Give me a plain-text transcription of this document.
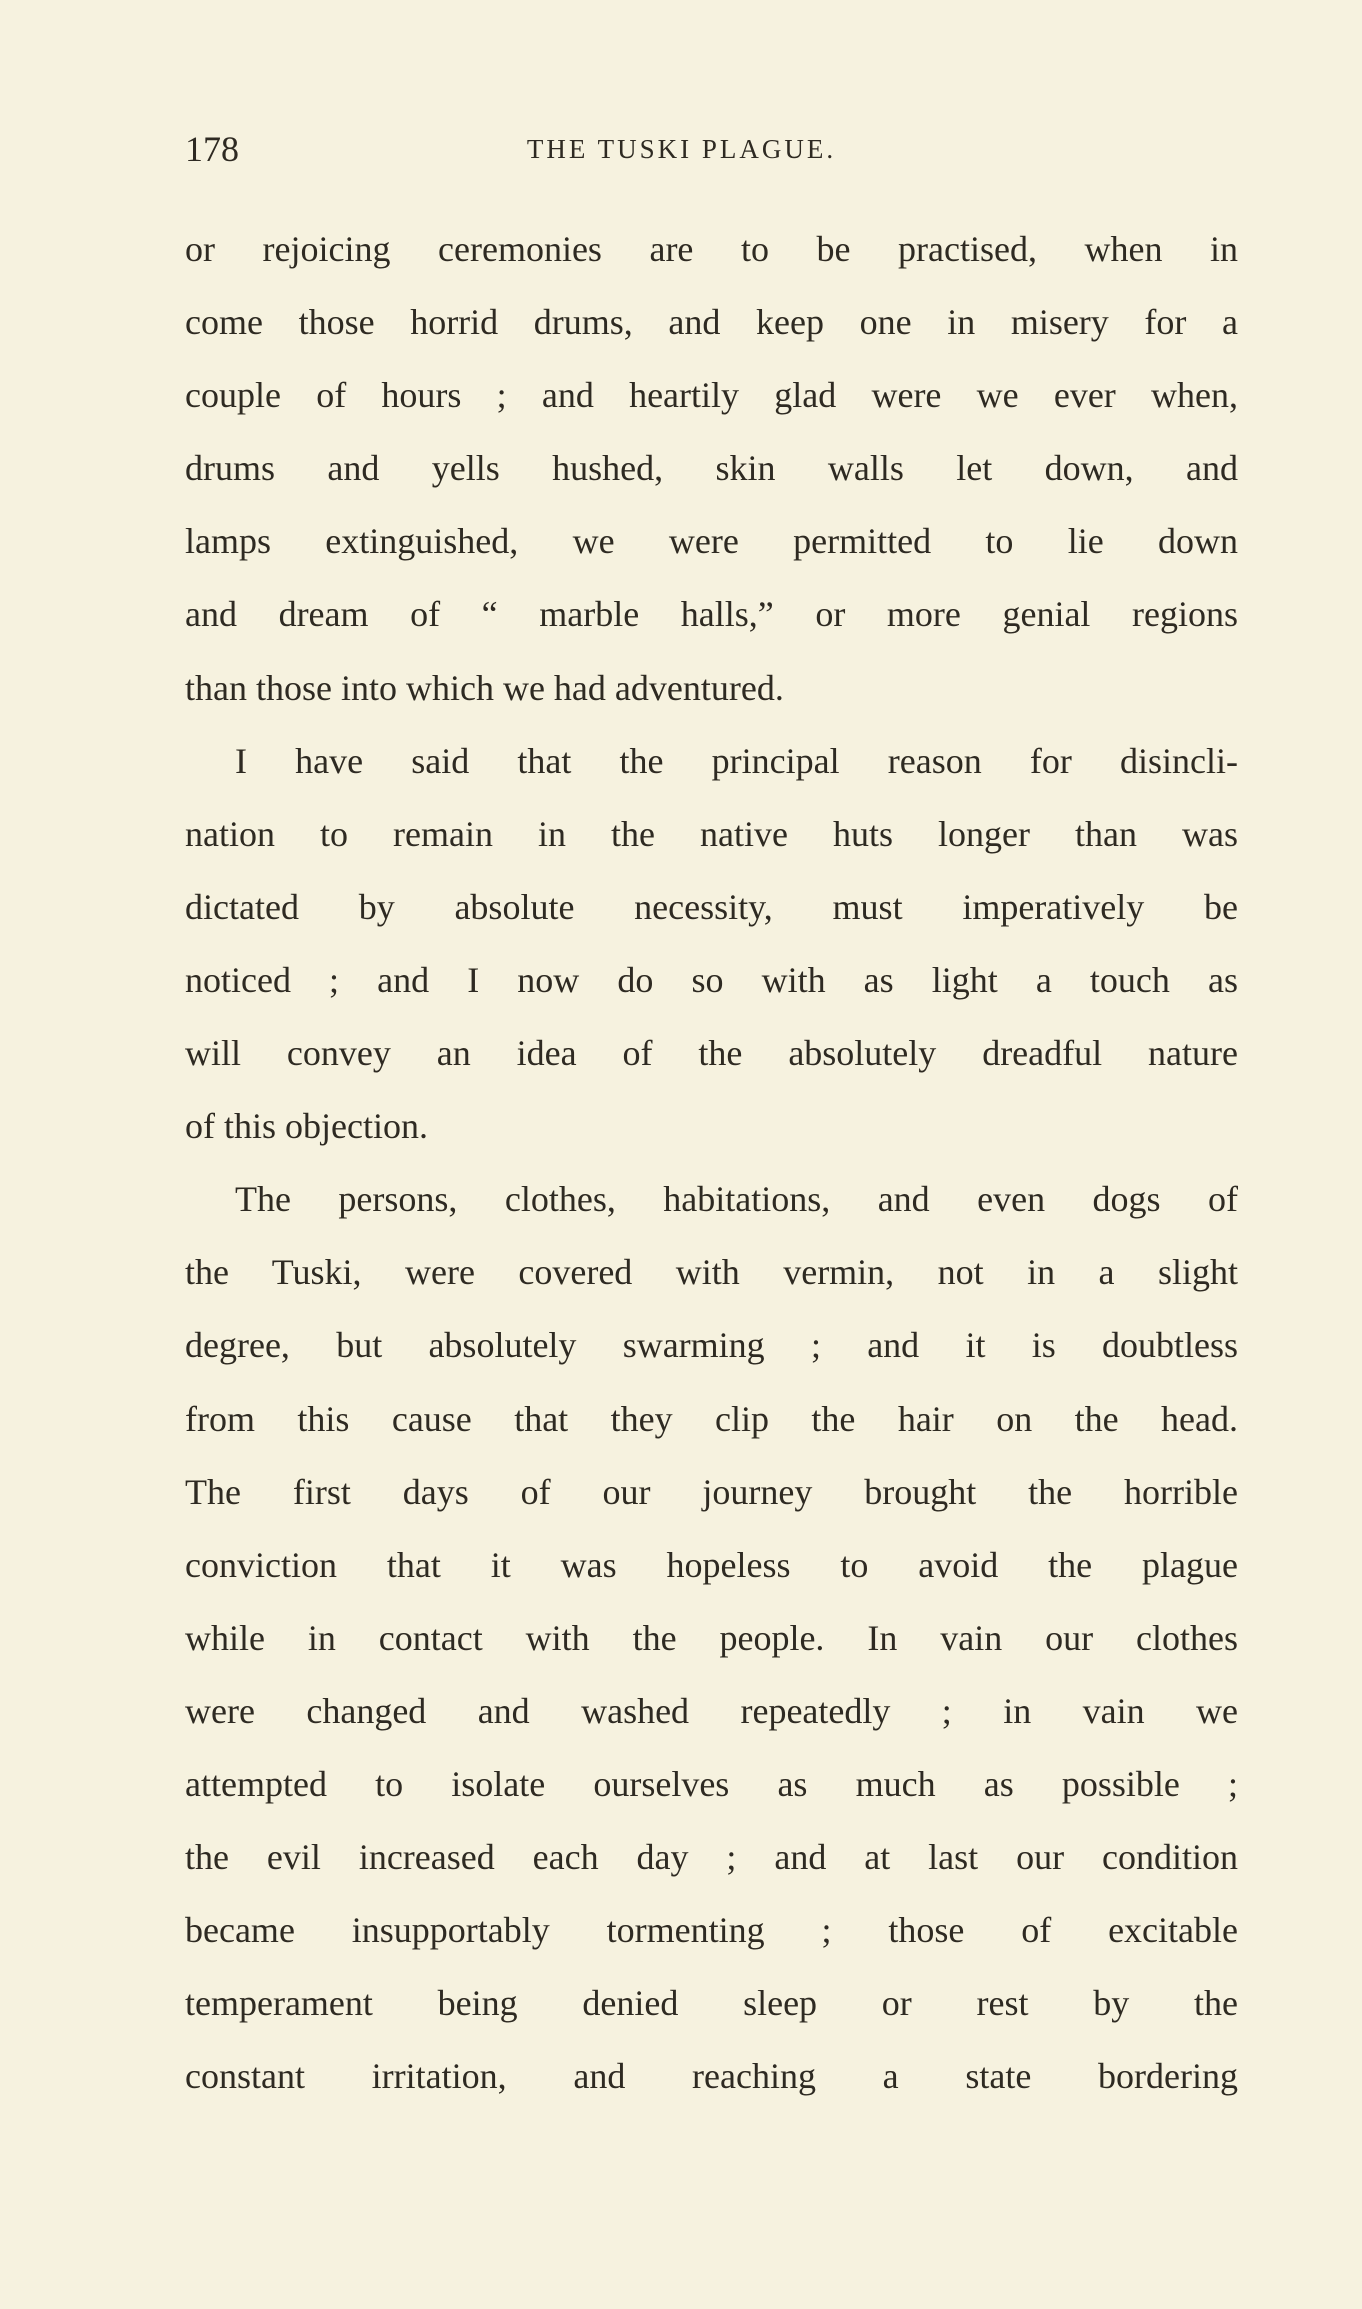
178	THE TUSKI PLAGUE.
or rejoicing ceremonies are to be practised, when in
come those horrid drums, and keep one in misery for a
couple of hours ; and heartily glad were we ever when,
drums and yells hushed, skin walls let down, and
lamps extinguished, we were permitted to lie down
and dream of “ marble halls,” or more genial regions
than those into which we had adventured.
I have said that the principal reason for disincli-
nation to remain in the native huts longer than was
dictated by absolute necessity, must imperatively be
noticed ; and I now do so with as light a touch as
will convey an idea of the absolutely dreadful nature
of this objection.
The persons, clothes, habitations, and even dogs of
the Tuski, were covered with vermin, not in a slight
degree, but absolutely swarming ; and it is doubtless
from this cause that they clip the hair on the head.
The first days of our journey brought the horrible
conviction that it was hopeless to avoid the plague
while in contact with the people. In vain our clothes
were changed and washed repeatedly ; in vain we
attempted to isolate ourselves as much as possible ;
the evil increased each day ; and at last our condition
became insupportably tormenting ; those of excitable
temperament being denied sleep or rest by the
constant irritation, and reaching a state bordering
